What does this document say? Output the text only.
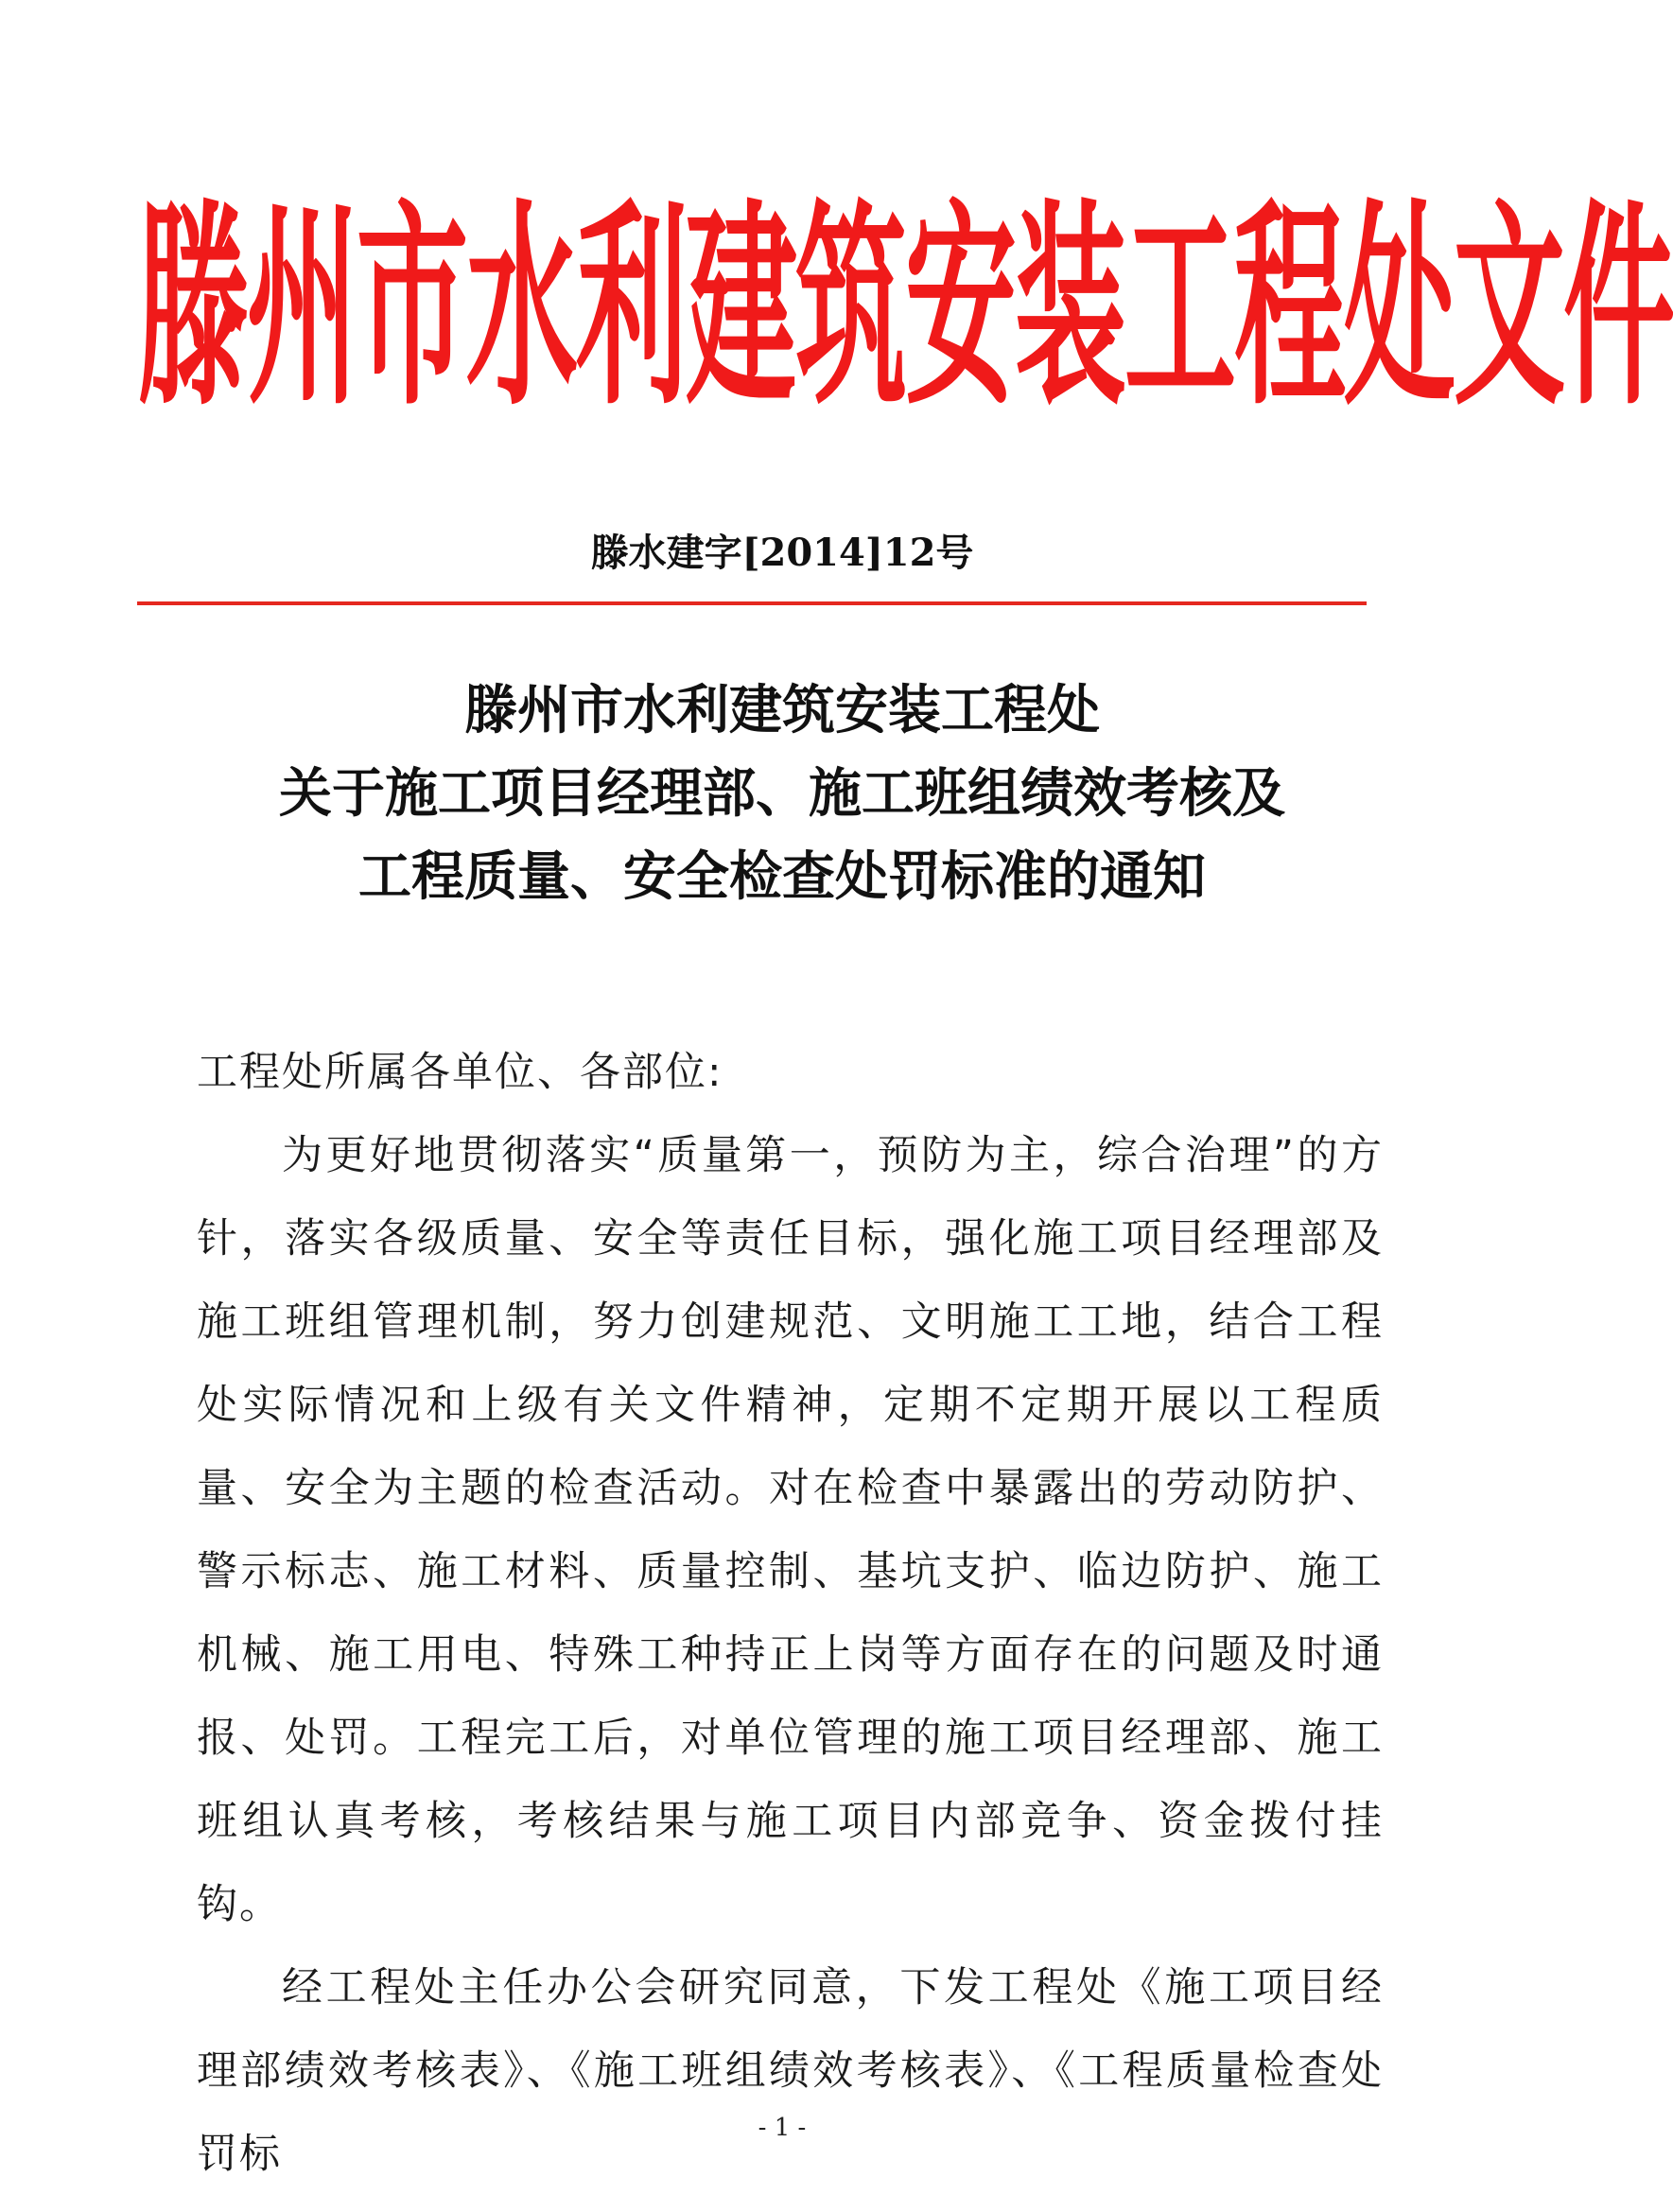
滕州市水利建筑安装工程处文件
滕水建字[2014]12号
滕州市水利建筑安装工程处
关于施工项目经理部、施工班组绩效考核及
工程质量、安全检查处罚标准的通知

工程处所属各单位、各部位:

为更好地贯彻落实“质量第一，预防为主，综合治理”的方针，落实各级质量、安全等责任目标，强化施工项目经理部及施工班组管理机制，努力创建规范、文明施工工地，结合工程处实际情况和上级有关文件精神，定期不定期开展以工程质量、安全为主题的检查活动。对在检查中暴露出的劳动防护、警示标志、施工材料、质量控制、基坑支护、临边防护、施工机械、施工用电、特殊工种持正上岗等方面存在的问题及时通报、处罚。工程完工后，对单位管理的施工项目经理部、施工班组认真考核，考核结果与施工项目内部竞争、资金拨付挂钩。

经工程处主任办公会研究同意，下发工程处《施工项目经理部绩效考核表》、《施工班组绩效考核表》、《工程质量检查处罚标

- 1 -
